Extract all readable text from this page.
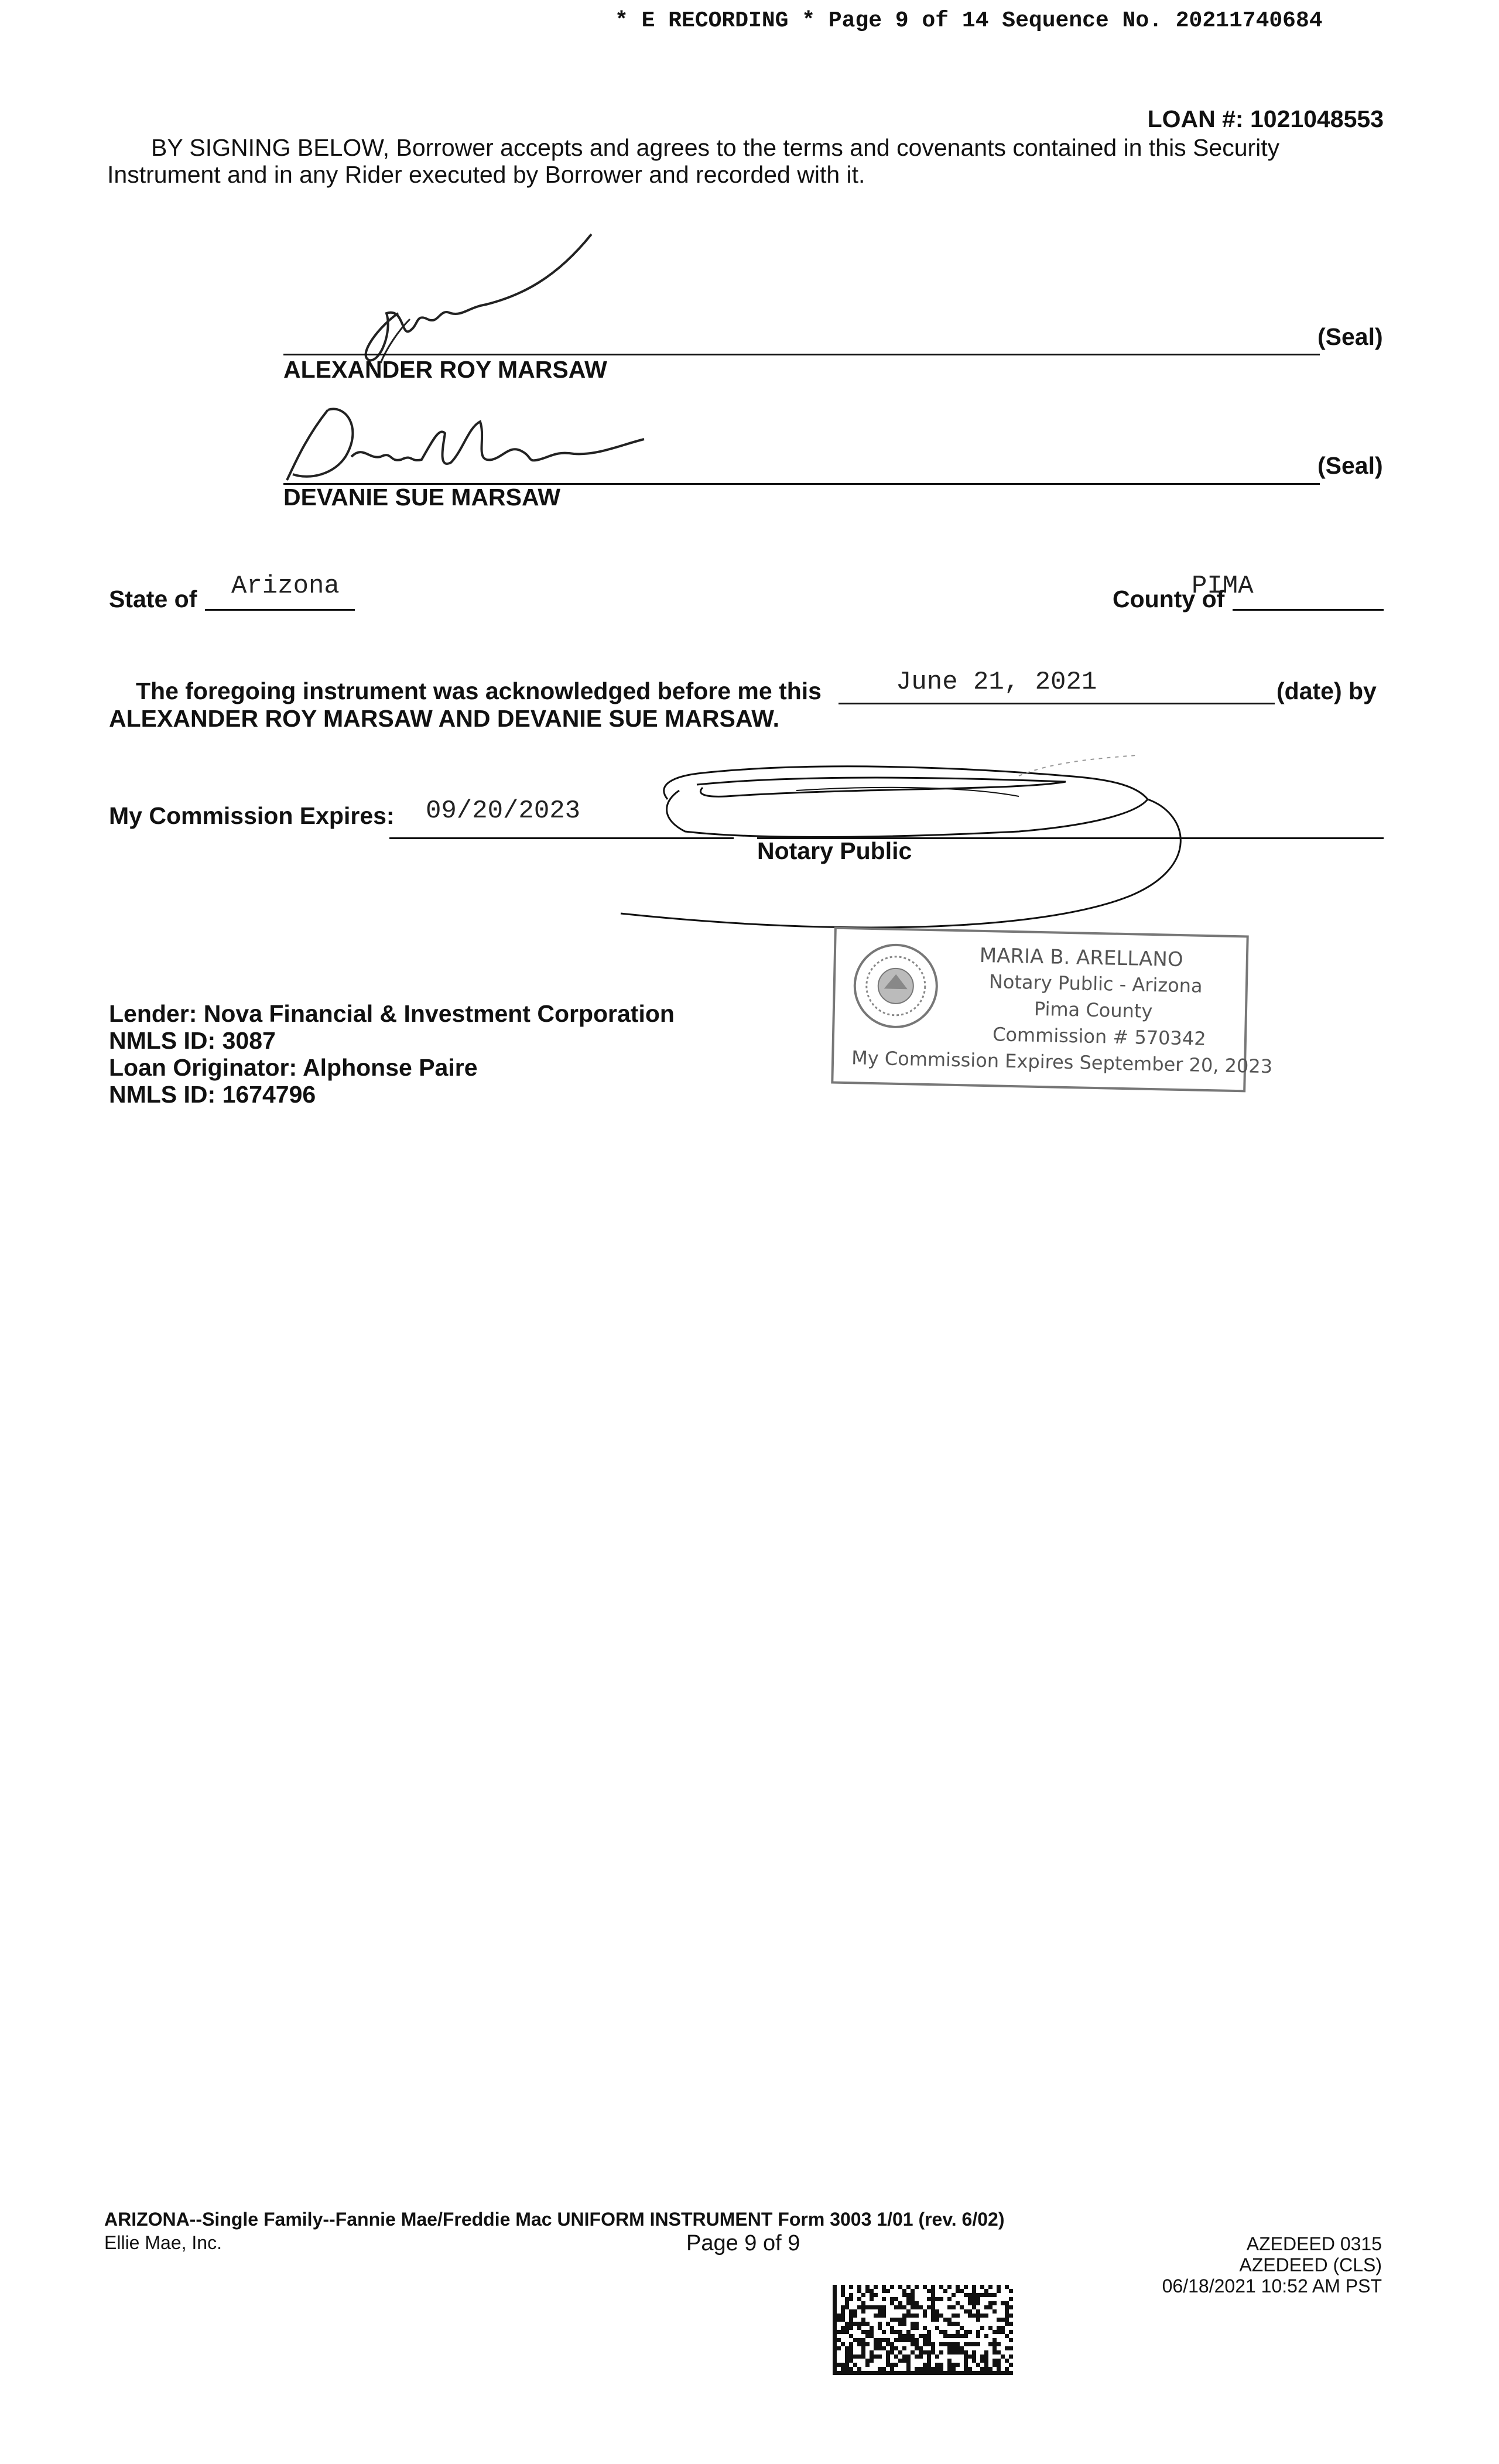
* E RECORDING * Page 9 of 14 Sequence No. 20211740684
LOAN #: 1021048553
BY SIGNING BELOW, Borrower accepts and agrees to the terms and covenants contained in this Security
Instrument and in any Rider executed by Borrower and recorded with it.
(Seal)
ALEXANDER ROY MARSAW
(Seal)
DEVANIE SUE MARSAW
State of Arizona	County of
PIMA
The foregoing instrument was acknowledged before me this	June 21, 2021	(date) by
ALEXANDER ROY MARSAW AND DEVANIE SUE MARSAW.
My Commission Expires: 09/20/2023
Notary Public
MARIA B. ARELLANO
Notary Public - Arizona
Pima County
Commission # 570342
My Commission Expires September 20, 2023
Lender: Nova Financial & Investment Corporation
NMLS ID: 3087
Loan Originator: Alphonse Paire
NMLS ID: 1674796
ARIZONA--Single Family--Fannie Mae/Freddie Mac UNIFORM INSTRUMENT Form 3003 1/01 (rev. 6/02)
Ellie Mae, Inc.	Page 9 of 9	AZEDEED 0315
AZEDEED (CLS)
06/18/2021 10:52 AM PST
